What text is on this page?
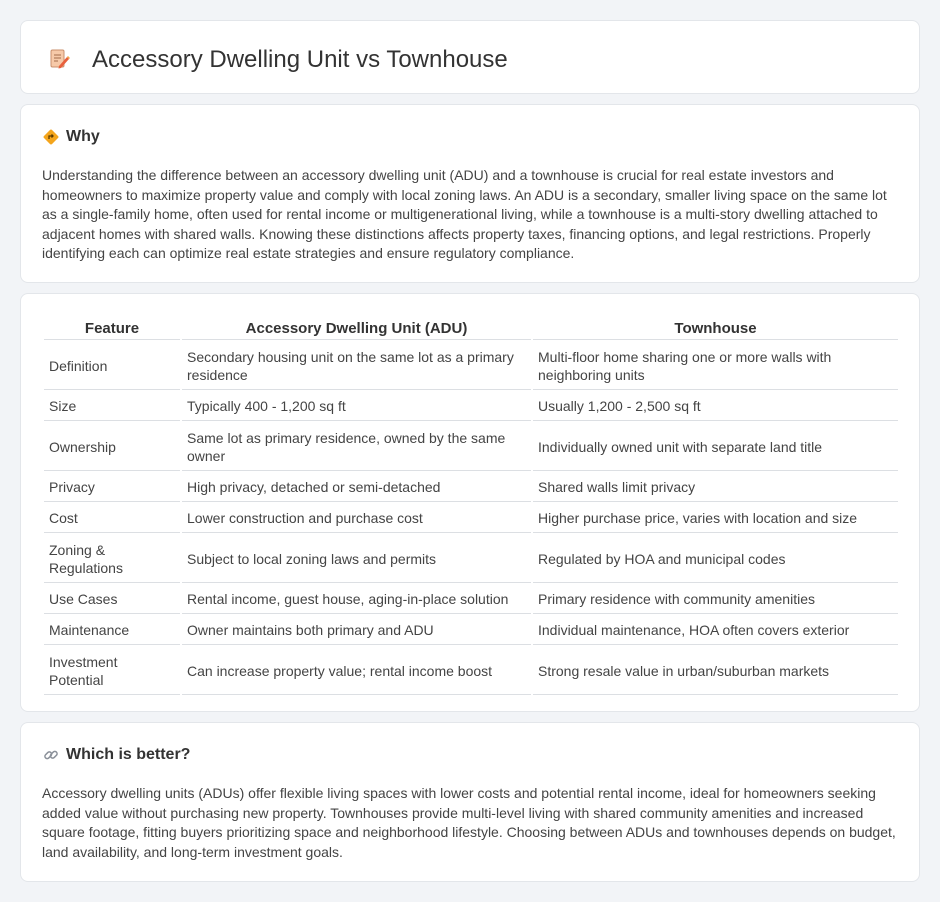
Accessory Dwelling Unit vs Townhouse
Why

Understanding the difference between an accessory dwelling unit (ADU) and a townhouse is crucial for real estate investors and homeowners to maximize property value and comply with local zoning laws. An ADU is a secondary, smaller living space on the same lot as a single-family home, often used for rental income or multigenerational living, while a townhouse is a multi-story dwelling attached to adjacent homes with shared walls. Knowing these distinctions affects property taxes, financing options, and legal restrictions. Properly identifying each can optimize real estate strategies and ensure regulatory compliance.

Feature	Accessory Dwelling Unit (ADU)	Townhouse
Definition	Secondary housing unit on the same lot as a primary residence	Multi-floor home sharing one or more walls with neighboring units
Size	Typically 400 - 1,200 sq ft	Usually 1,200 - 2,500 sq ft
Ownership	Same lot as primary residence, owned by the same owner	Individually owned unit with separate land title
Privacy	High privacy, detached or semi-detached	Shared walls limit privacy
Cost	Lower construction and purchase cost	Higher purchase price, varies with location and size
Zoning & Regulations	Subject to local zoning laws and permits	Regulated by HOA and municipal codes
Use Cases	Rental income, guest house, aging-in-place solution	Primary residence with community amenities
Maintenance	Owner maintains both primary and ADU	Individual maintenance, HOA often covers exterior
Investment Potential	Can increase property value; rental income boost	Strong resale value in urban/suburban markets
Which is better?

Accessory dwelling units (ADUs) offer flexible living spaces with lower costs and potential rental income, ideal for homeowners seeking added value without purchasing new property. Townhouses provide multi-level living with shared community amenities and increased square footage, fitting buyers prioritizing space and neighborhood lifestyle. Choosing between ADUs and townhouses depends on budget, land availability, and long-term investment goals.
